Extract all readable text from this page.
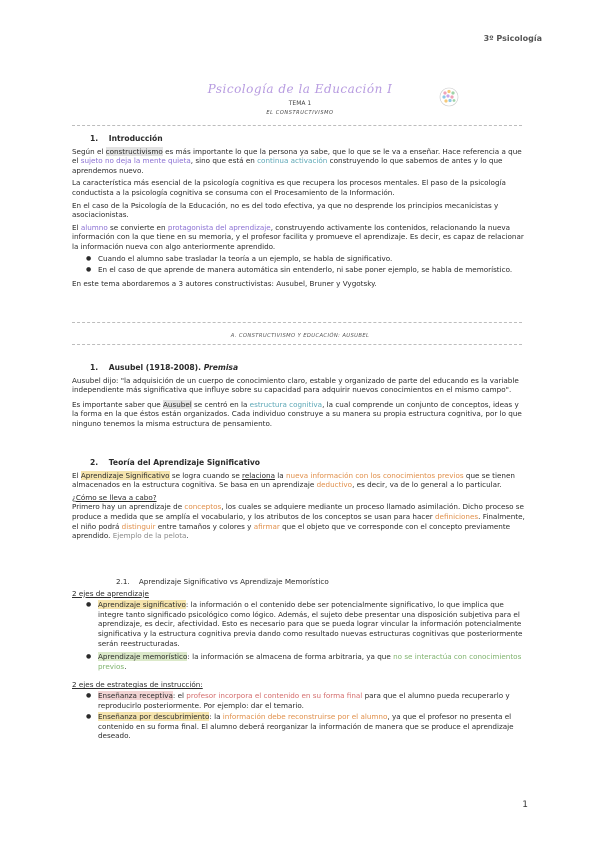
3º Psicología
Psicología de la Educación I
TEMA 1
EL CONSTRUCTIVISMO
1. Introducción

Según el constructivismo es más importante lo que la persona ya sabe, que lo que se le va a enseñar. Hace referencia a que el sujeto no deja la mente quieta, sino que está en continua activación construyendo lo que sabemos de antes y lo que aprendemos nuevo.

La característica más esencial de la psicología cognitiva es que recupera los procesos mentales. El paso de la psicología conductista a la psicología cognitiva se consuma con el Procesamiento de la Información.

En el caso de la Psicología de la Educación, no es del todo efectiva, ya que no desprende los principios mecanicistas y asociacionistas.

El alumno se convierte en protagonista del aprendizaje, construyendo activamente los contenidos, relacionando la nueva información con la que tiene en su memoria, y el profesor facilita y promueve el aprendizaje. Es decir, es capaz de relacionar la información nueva con algo anteriormente aprendido.

● Cuando el alumno sabe trasladar la teoría a un ejemplo, se habla de significativo.
● En el caso de que aprende de manera automática sin entenderlo, ni sabe poner ejemplo, se habla de memorístico.

En este tema abordaremos a 3 autores constructivistas: Ausubel, Bruner y Vygotsky.

A. CONSTRUCTIVISMO Y EDUCACIÓN: AUSUBEL
1. Ausubel (1918-2008). Premisa

Ausubel dijo: "la adquisición de un cuerpo de conocimiento claro, estable y organizado de parte del educando es la variable independiente más significativa que influye sobre su capacidad para adquirir nuevos conocimientos en el mismo campo".

Es importante saber que Ausubel se centró en la estructura cognitiva, la cual comprende un conjunto de conceptos, ideas y la forma en la que éstos están organizados. Cada individuo construye a su manera su propia estructura cognitiva, por lo que ninguno tenemos la misma estructura de pensamiento.

2. Teoría del Aprendizaje Significativo

El Aprendizaje Significativo se logra cuando se relaciona la nueva información con los conocimientos previos que se tienen almacenados en la estructura cognitiva. Se basa en un aprendizaje deductivo, es decir, va de lo general a lo particular.

¿Cómo se lleva a cabo?

Primero hay un aprendizaje de conceptos, los cuales se adquiere mediante un proceso llamado asimilación. Dicho proceso se produce a medida que se amplía el vocabulario, y los atributos de los conceptos se usan para hacer definiciones. Finalmente, el niño podrá distinguir entre tamaños y colores y afirmar que el objeto que ve corresponde con el concepto previamente aprendido. Ejemplo de la pelota.

2.1. Aprendizaje Significativo vs Aprendizaje Memorístico

2 ejes de aprendizaje

● Aprendizaje significativo: la información o el contenido debe ser potencialmente significativo, lo que implica que integre tanto significado psicológico como lógico. Además, el sujeto debe presentar una disposición subjetiva para el aprendizaje, es decir, afectividad. Esto es necesario para que se pueda lograr vincular la información potencialmente significativa y la estructura cognitiva previa dando como resultado nuevas estructuras cognitivas que posteriormente serán reestructuradas.
● Aprendizaje memorístico: la información se almacena de forma arbitraria, ya que no se interactúa con conocimientos previos.

2 ejes de estrategias de instrucción:

● Enseñanza receptiva: el profesor incorpora el contenido en su forma final para que el alumno pueda recuperarlo y reproducirlo posteriormente. Por ejemplo: dar el temario.
● Enseñanza por descubrimiento: la información debe reconstruirse por el alumno, ya que el profesor no presenta el contenido en su forma final. El alumno deberá reorganizar la información de manera que se produce el aprendizaje deseado.
1
